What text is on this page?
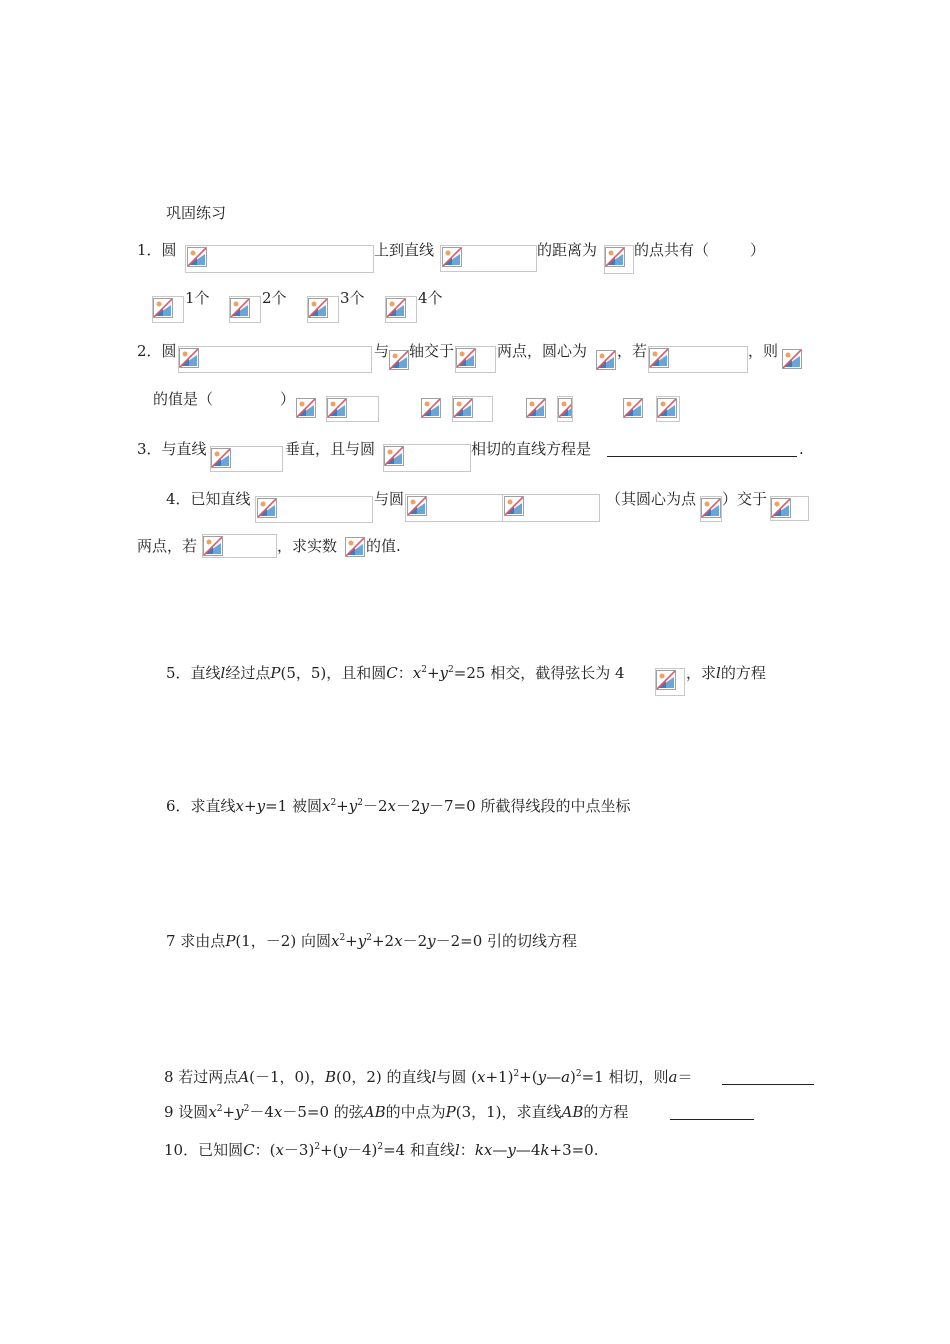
巩固练习
1．圆	上到直线	的距离为 的点共有（	）
1个	2个	3个	4个
2．圆	与 轴交于	两点，圆心为 ，若	，则
的值是（	）
3．与直线	垂直，且与圆	相切的直线方程是	.
4．已知直线	与圆	（其圆心为点 ）交于
两点，若	，求实数 的值.
5．直线l经过点P(5，5)，且和圆C：$x^2+y^2=25$ 相交，截得弦长为 4	，求l的方程
6．求直线x+y=1 被圆$x^2+y^2-2x-2y-7=0$ 所截得线段的中点坐标
7 求由点P(1，－2) 向圆$x^2+y^2+2x-2y-2=0$ 引的切线方程
8 若过两点A(－1，0)，B(0，2) 的直线l与圆 $(x+1)^2+(y—a)^2=1$ 相切，则a＝
9 设圆$x^2+y^2-4x-5=0$ 的弦AB的中点为P(3，1)，求直线AB的方程
10．已知圆C：$(x-3)^2+(y-4)^2=4$ 和直线l：kx—y—4k+3=0.
